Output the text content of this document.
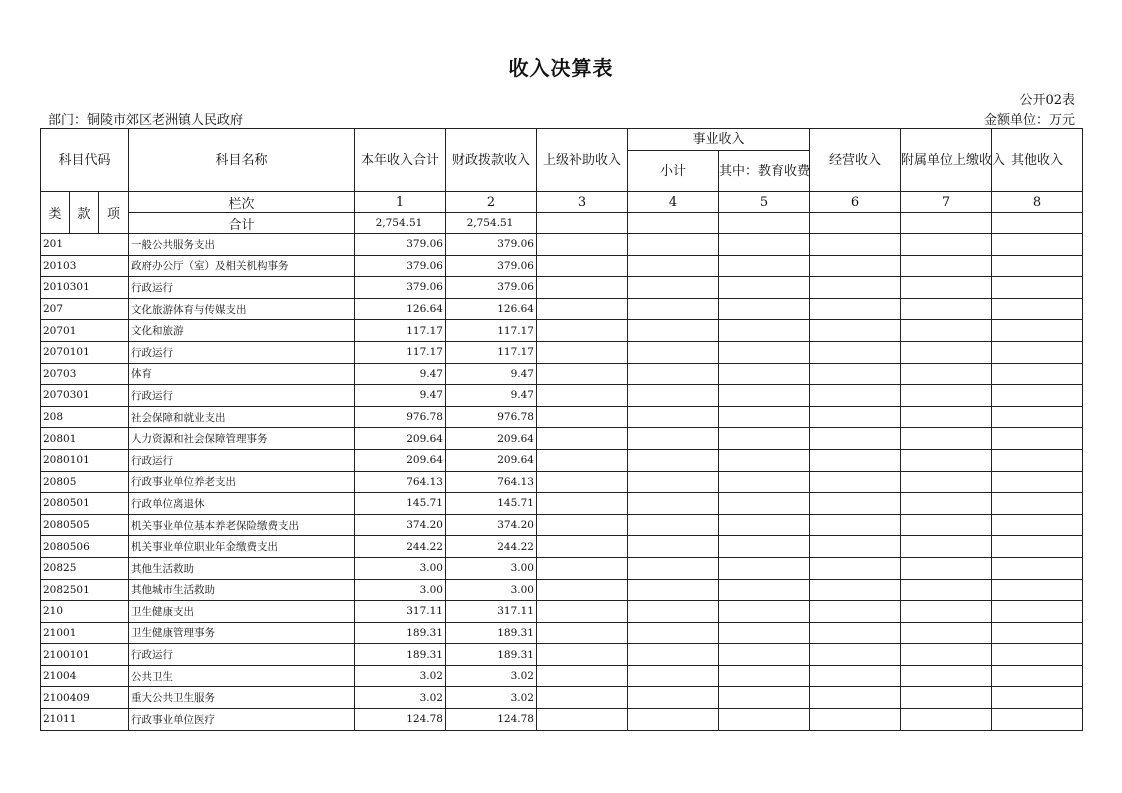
收入决算表
公开02表
部门：铜陵市郊区老洲镇人民政府	金额单位：万元
科目代码			科目名称	本年收入合计	财政拨款收入	上级补助收入	事业收入		经营收入	附属单位上缴收入	其他收入
							小计	其中：教育收费			
类	款	项	栏次	1	2	3	4	5	6	7	8
			合计	2,754.51	2,754.51						
201			一般公共服务支出	379.06	379.06						
20103			政府办公厅（室）及相关机构事务	379.06	379.06						
2010301			行政运行	379.06	379.06						
207			文化旅游体育与传媒支出	126.64	126.64						
20701			文化和旅游	117.17	117.17						
2070101			行政运行	117.17	117.17						
20703			体育	9.47	9.47						
2070301			行政运行	9.47	9.47						
208			社会保障和就业支出	976.78	976.78						
20801			人力资源和社会保障管理事务	209.64	209.64						
2080101			行政运行	209.64	209.64						
20805			行政事业单位养老支出	764.13	764.13						
2080501			行政单位离退休	145.71	145.71						
2080505			机关事业单位基本养老保险缴费支出	374.20	374.20						
2080506			机关事业单位职业年金缴费支出	244.22	244.22						
20825			其他生活救助	3.00	3.00						
2082501			其他城市生活救助	3.00	3.00						
210			卫生健康支出	317.11	317.11						
21001			卫生健康管理事务	189.31	189.31						
2100101			行政运行	189.31	189.31						
21004			公共卫生	3.02	3.02						
2100409			重大公共卫生服务	3.02	3.02						
21011			行政事业单位医疗	124.78	124.78						
